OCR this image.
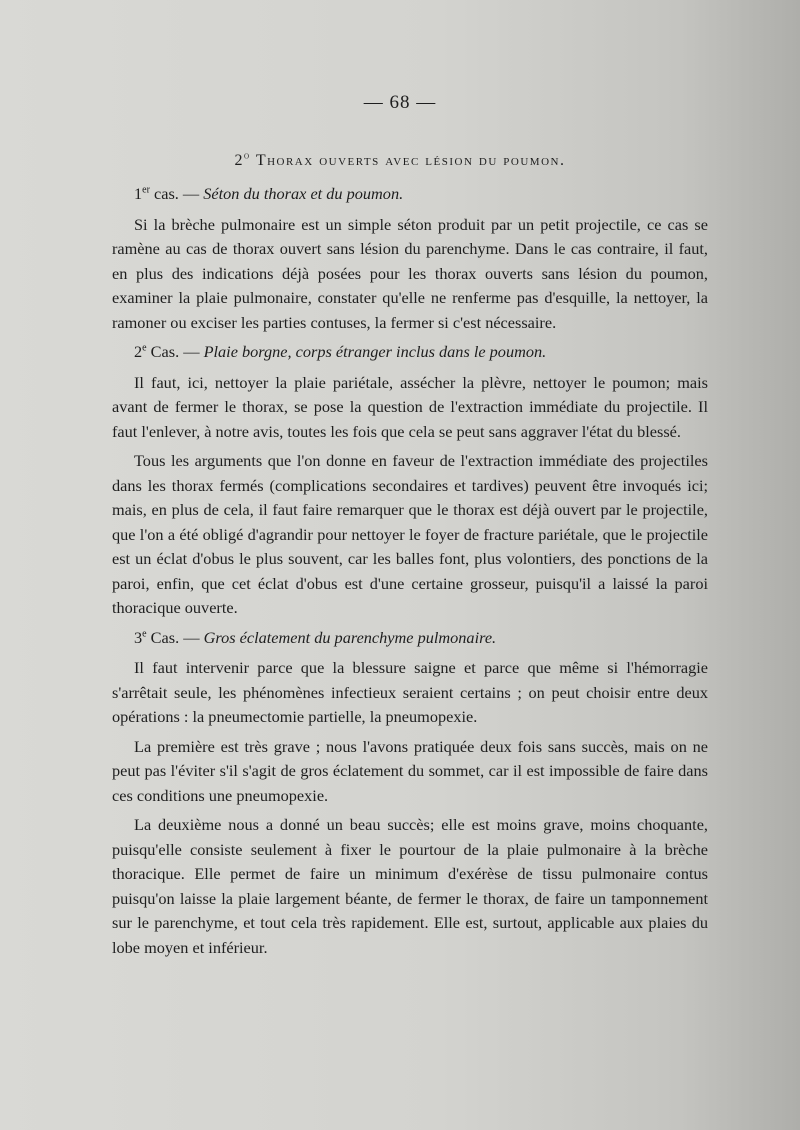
— 68 —
2$^o$ Thorax ouverts avec lésion du poumon.
1er cas. — Séton du thorax et du poumon.

Si la brèche pulmonaire est un simple séton produit par un petit projectile, ce cas se ramène au cas de thorax ouvert sans lésion du parenchyme. Dans le cas contraire, il faut, en plus des indications déjà posées pour les thorax ouverts sans lésion du poumon, examiner la plaie pulmonaire, constater qu'elle ne renferme pas d'esquille, la nettoyer, la ramoner ou exciser les parties contuses, la fermer si c'est nécessaire.

2e Cas. — Plaie borgne, corps étranger inclus dans le poumon.

Il faut, ici, nettoyer la plaie pariétale, assécher la plèvre, nettoyer le poumon; mais avant de fermer le thorax, se pose la question de l'extraction immédiate du projectile. Il faut l'enlever, à notre avis, toutes les fois que cela se peut sans aggraver l'état du blessé.

Tous les arguments que l'on donne en faveur de l'extraction immédiate des projectiles dans les thorax fermés (complications secondaires et tardives) peuvent être invoqués ici; mais, en plus de cela, il faut faire remarquer que le thorax est déjà ouvert par le projectile, que l'on a été obligé d'agrandir pour nettoyer le foyer de fracture pariétale, que le projectile est un éclat d'obus le plus souvent, car les balles font, plus volontiers, des ponctions de la paroi, enfin, que cet éclat d'obus est d'une certaine grosseur, puisqu'il a laissé la paroi thoracique ouverte.

3e Cas. — Gros éclatement du parenchyme pulmonaire.

Il faut intervenir parce que la blessure saigne et parce que même si l'hémorragie s'arrêtait seule, les phénomènes infectieux seraient certains ; on peut choisir entre deux opérations : la pneumectomie partielle, la pneumopexie.

La première est très grave ; nous l'avons pratiquée deux fois sans succès, mais on ne peut pas l'éviter s'il s'agit de gros éclatement du sommet, car il est impossible de faire dans ces conditions une pneumopexie.

La deuxième nous a donné un beau succès; elle est moins grave, moins choquante, puisqu'elle consiste seulement à fixer le pourtour de la plaie pulmonaire à la brèche thoracique. Elle permet de faire un minimum d'exérèse de tissu pulmonaire contus puisqu'on laisse la plaie largement béante, de fermer le thorax, de faire un tamponnement sur le parenchyme, et tout cela très rapidement. Elle est, surtout, applicable aux plaies du lobe moyen et inférieur.
